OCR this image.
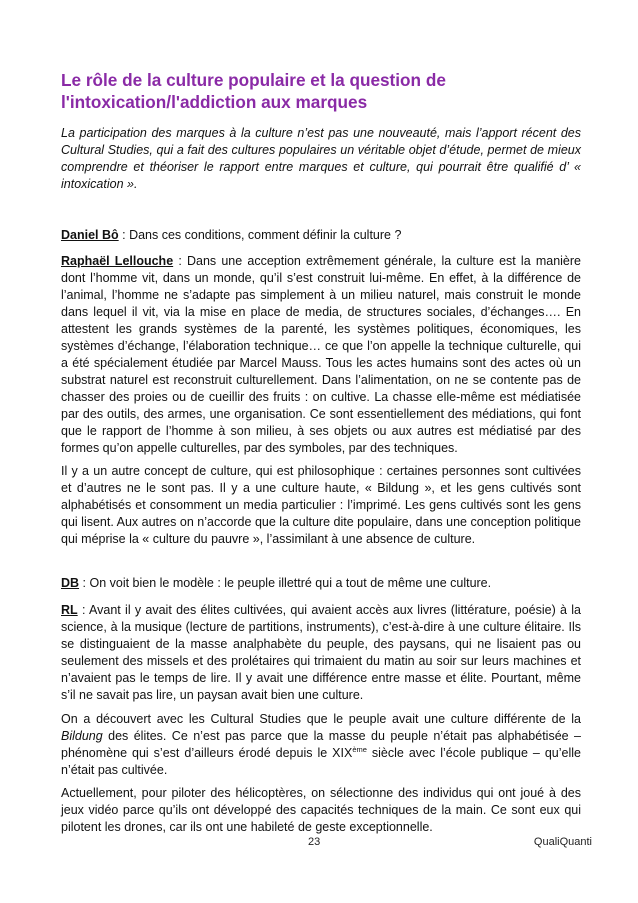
Le rôle de la culture populaire et la question de l'intoxication/l'addiction aux marques

La participation des marques à la culture n’est pas une nouveauté, mais l’apport récent des Cultural Studies, qui a fait des cultures populaires un véritable objet d’étude, permet de mieux comprendre et théoriser le rapport entre marques et culture, qui pourrait être qualifié d’ « intoxication ».

Daniel Bô : Dans ces conditions, comment définir la culture ?

Raphaël Lellouche : Dans une acception extrêmement générale, la culture est la manière dont l’homme vit, dans un monde, qu’il s’est construit lui-même. En effet, à la différence de l’animal, l’homme ne s’adapte pas simplement à un milieu naturel, mais construit le monde dans lequel il vit, via la mise en place de media, de structures sociales, d’échanges…. En attestent les grands systèmes de la parenté, les systèmes politiques, économiques, les systèmes d’échange, l’élaboration technique… ce que l’on appelle la technique culturelle, qui a été spécialement étudiée par Marcel Mauss. Tous les actes humains sont des actes où un substrat naturel est reconstruit culturellement. Dans l’alimentation, on ne se contente pas de chasser des proies ou de cueillir des fruits : on cultive. La chasse elle-même est médiatisée par des outils, des armes, une organisation. Ce sont essentiellement des médiations, qui font que le rapport de l’homme à son milieu, à ses objets ou aux autres est médiatisé par des formes qu’on appelle culturelles, par des symboles, par des techniques.

Il y a un autre concept de culture, qui est philosophique : certaines personnes sont cultivées et d’autres ne le sont pas. Il y a une culture haute, « Bildung », et les gens cultivés sont alphabétisés et consomment un media particulier : l’imprimé. Les gens cultivés sont les gens qui lisent. Aux autres on n’accorde que la culture dite populaire, dans une conception politique qui méprise la « culture du pauvre », l’assimilant à une absence de culture.

DB : On voit bien le modèle : le peuple illettré qui a tout de même une culture.

RL : Avant il y avait des élites cultivées, qui avaient accès aux livres (littérature, poésie) à la science, à la musique (lecture de partitions, instruments), c’est-à-dire à une culture élitaire. Ils se distinguaient de la masse analphabète du peuple, des paysans, qui ne lisaient pas ou seulement des missels et des prolétaires qui trimaient du matin au soir sur leurs machines et n’avaient pas le temps de lire. Il y avait une différence entre masse et élite. Pourtant, même s’il ne savait pas lire, un paysan avait bien une culture.

On a découvert avec les Cultural Studies que le peuple avait une culture différente de la Bildung des élites. Ce n’est pas parce que la masse du peuple n’était pas alphabétisée – phénomène qui s’est d’ailleurs érodé depuis le XIXème siècle avec l’école publique – qu’elle n’était pas cultivée.

Actuellement, pour piloter des hélicoptères, on sélectionne des individus qui ont joué à des jeux vidéo parce qu’ils ont développé des capacités techniques de la main. Ce sont eux qui pilotent les drones, car ils ont une habileté de geste exceptionnelle.

23	QualiQuanti
